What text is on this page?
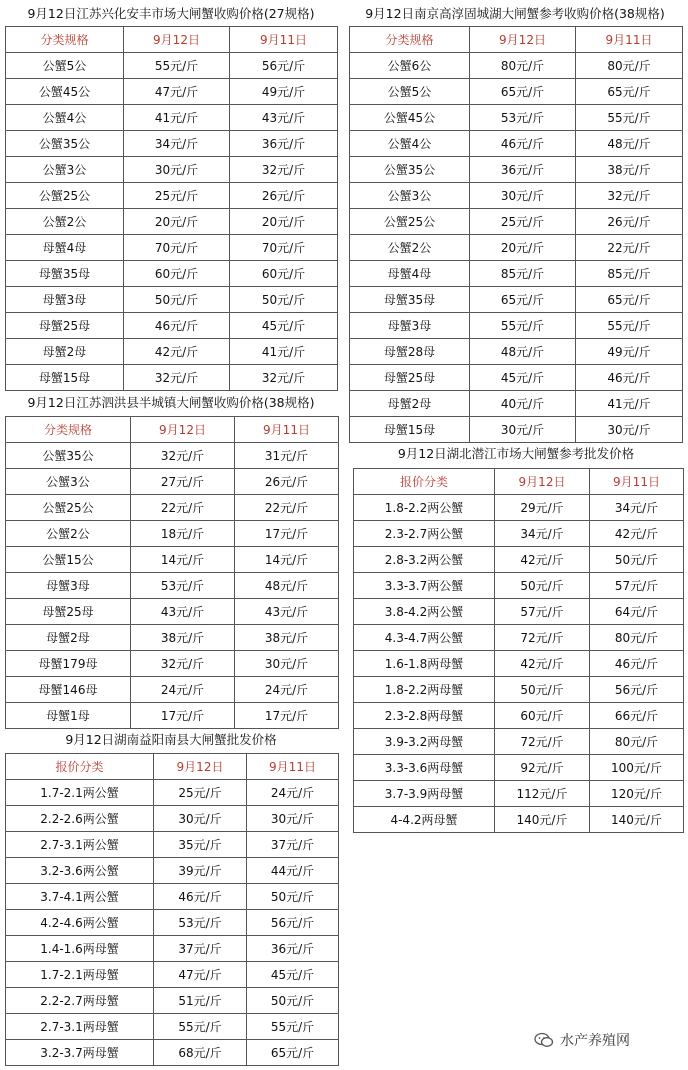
9月12日江苏兴化安丰市场大闸蟹收购价格(27规格)
分类规格	9月12日	9月11日
公蟹5公	55元/斤	56元/斤
公蟹45公	47元/斤	49元/斤
公蟹4公	41元/斤	43元/斤
公蟹35公	34元/斤	36元/斤
公蟹3公	30元/斤	32元/斤
公蟹25公	25元/斤	26元/斤
公蟹2公	20元/斤	20元/斤
母蟹4母	70元/斤	70元/斤
母蟹35母	60元/斤	60元/斤
母蟹3母	50元/斤	50元/斤
母蟹25母	46元/斤	45元/斤
母蟹2母	42元/斤	41元/斤
母蟹15母	32元/斤	32元/斤
9月12日南京高淳固城湖大闸蟹参考收购价格(38规格)
分类规格	9月12日	9月11日
公蟹6公	80元/斤	80元/斤
公蟹5公	65元/斤	65元/斤
公蟹45公	53元/斤	55元/斤
公蟹4公	46元/斤	48元/斤
公蟹35公	36元/斤	38元/斤
公蟹3公	30元/斤	32元/斤
公蟹25公	25元/斤	26元/斤
公蟹2公	20元/斤	22元/斤
母蟹4母	85元/斤	85元/斤
母蟹35母	65元/斤	65元/斤
母蟹3母	55元/斤	55元/斤
母蟹28母	48元/斤	49元/斤
母蟹25母	45元/斤	46元/斤
母蟹2母	40元/斤	41元/斤
母蟹15母	30元/斤	30元/斤
9月12日江苏泗洪县半城镇大闸蟹收购价格(38规格)
分类规格	9月12日	9月11日
公蟹35公	32元/斤	31元/斤
公蟹3公	27元/斤	26元/斤
公蟹25公	22元/斤	22元/斤
公蟹2公	18元/斤	17元/斤
公蟹15公	14元/斤	14元/斤
母蟹3母	53元/斤	48元/斤
母蟹25母	43元/斤	43元/斤
母蟹2母	38元/斤	38元/斤
母蟹179母	32元/斤	30元/斤
母蟹146母	24元/斤	24元/斤
母蟹1母	17元/斤	17元/斤
9月12日湖北潜江市场大闸蟹参考批发价格
报价分类	9月12日	9月11日
1.8-2.2两公蟹	29元/斤	34元/斤
2.3-2.7两公蟹	34元/斤	42元/斤
2.8-3.2两公蟹	42元/斤	50元/斤
3.3-3.7两公蟹	50元/斤	57元/斤
3.8-4.2两公蟹	57元/斤	64元/斤
4.3-4.7两公蟹	72元/斤	80元/斤
1.6-1.8两母蟹	42元/斤	46元/斤
1.8-2.2两母蟹	50元/斤	56元/斤
2.3-2.8两母蟹	60元/斤	66元/斤
3.9-3.2两母蟹	72元/斤	80元/斤
3.3-3.6两母蟹	92元/斤	100元/斤
3.7-3.9两母蟹	112元/斤	120元/斤
4-4.2两母蟹	140元/斤	140元/斤
9月12日湖南益阳南县大闸蟹批发价格
报价分类	9月12日	9月11日
1.7-2.1两公蟹	25元/斤	24元/斤
2.2-2.6两公蟹	30元/斤	30元/斤
2.7-3.1两公蟹	35元/斤	37元/斤
3.2-3.6两公蟹	39元/斤	44元/斤
3.7-4.1两公蟹	46元/斤	50元/斤
4.2-4.6两公蟹	53元/斤	56元/斤
1.4-1.6两母蟹	37元/斤	36元/斤
1.7-2.1两母蟹	47元/斤	45元/斤
2.2-2.7两母蟹	51元/斤	50元/斤
2.7-3.1两母蟹	55元/斤	55元/斤
3.2-3.7两母蟹	68元/斤	65元/斤
水产养殖网
